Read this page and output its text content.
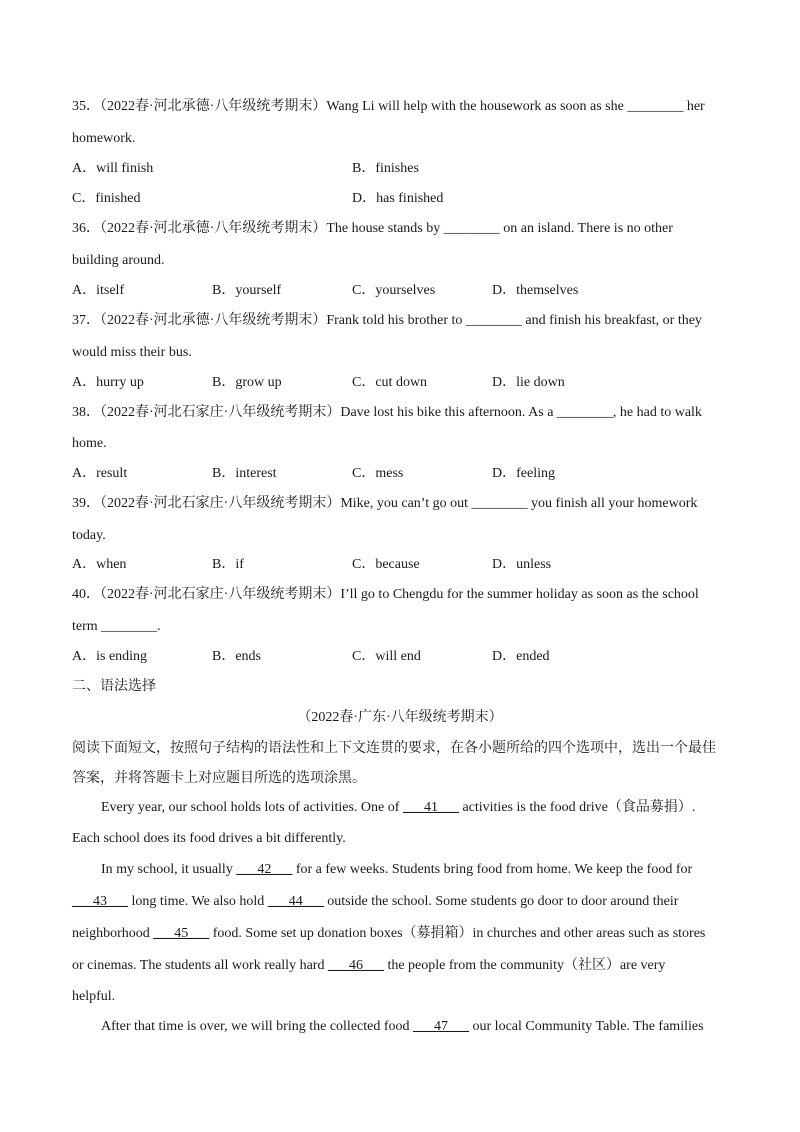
35．（2022春·河北承德·八年级统考期末）Wang Li will help with the housework as soon as she ________ her
homework.
A．will finish	B．finishes
C．finished	D．has finished
36．（2022春·河北承德·八年级统考期末）The house stands by ________ on an island. There is no other
building around.
A．itself	B．yourself	C．yourselves	D．themselves
37．（2022春·河北承德·八年级统考期末）Frank told his brother to ________ and finish his breakfast, or they
would miss their bus.
A．hurry up	B．grow up	C．cut down	D．lie down
38．（2022春·河北石家庄·八年级统考期末）Dave lost his bike this afternoon. As a ________, he had to walk
home.
A．result	B．interest	C．mess	D．feeling
39．（2022春·河北石家庄·八年级统考期末）Mike, you can’t go out ________ you finish all your homework
today.
A．when	B．if	C．because	D．unless
40．（2022春·河北石家庄·八年级统考期末）I’ll go to Chengdu for the summer holiday as soon as the school
term ________.
A．is ending	B．ends	C．will end	D．ended
二、语法选择
（2022春·广东·八年级统考期末）
阅读下面短文，按照句子结构的语法性和上下文连贯的要求，在各小题所给的四个选项中，选出一个最佳
答案，并将答题卡上对应题目所选的选项涂黑。
Every year, our school holds lots of activities. One of ___41___ activities is the food drive（食品募捐）.
Each school does its food drives a bit differently.
In my school, it usually ___42___ for a few weeks. Students bring food from home. We keep the food for
___43___ long time. We also hold ___44___ outside the school. Some students go door to door around their
neighborhood ___45___ food. Some set up donation boxes（募捐箱）in churches and other areas such as stores
or cinemas. The students all work really hard ___46___ the people from the community（社区）are very
helpful.
After that time is over, we will bring the collected food ___47___ our local Community Table. The families
